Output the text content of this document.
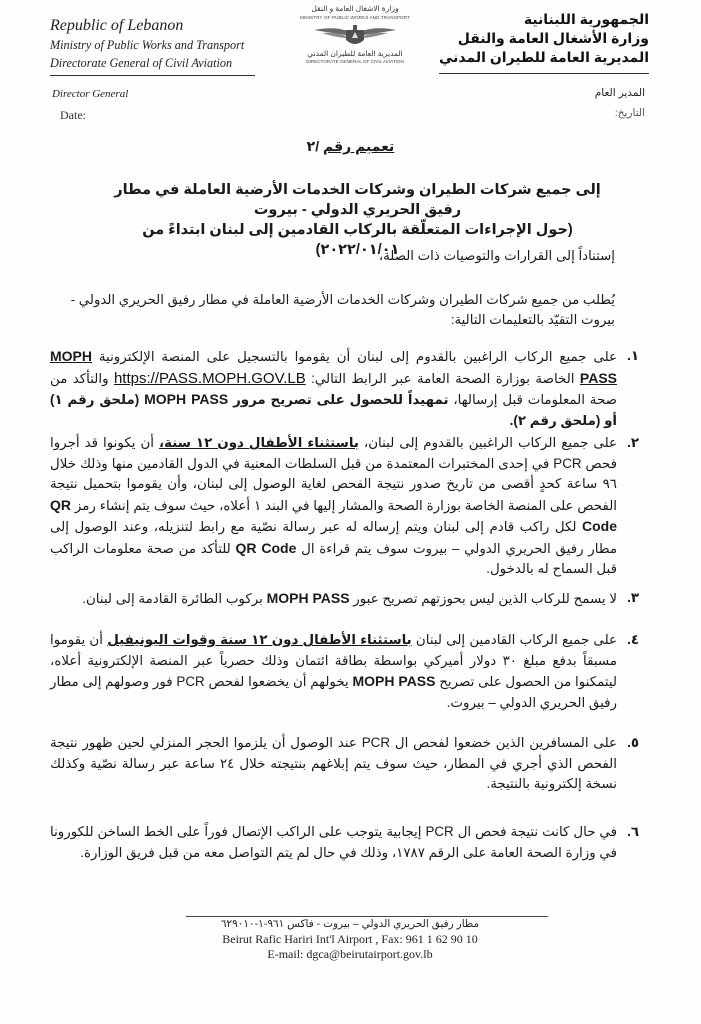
Republic of Lebanon
Ministry of Public Works and Transport
Directorate General of Civil Aviation
Director General
Date:
وزارة الاشغال العامة و النقل
MINISTRY OF PUBLIC WORKS AND TRANSPORT
المديرية العامة للطيران المدني
DIRECTORATE GENERAL OF CIVIL AVIATION
الجمهورية اللبنانية
وزارة الأشغال العامة والنقل
المديرية العامة للطيران المدني
المدير العام
التاريخ:
تعميم رقم /٢
إلى جميع شركات الطيران وشركات الخدمات الأرضية العاملة في مطار رفيق الحريري الدولي - بيروت
(حول الإجراءات المتعلّقة بالركاب القادمين إلى لبنان ابتداءً من ٢٠٢٢/٠١/٠١)
إستناداً إلى القرارات والتوصيات ذات الصلة،
يُطلب من جميع شركات الطيران وشركات الخدمات الأرضية العاملة في مطار رفيق الحريري الدولي - بيروت التقيّد بالتعليمات التالية:
١.
على جميع الركاب الراغبين بالقدوم إلى لبنان أن يقوموا بالتسجيل على المنصة الإلكترونية MOPH PASS الخاصة بوزارة الصحة العامة عبر الرابط التالي: https://PASS.MOPH.GOV.LB والتأكد من صحة المعلومات قبل إرسالها، تمهيداً للحصول على تصريح مرور MOPH PASS (ملحق رقم ١) أو (ملحق رقم ٢).
٢.
على جميع الركاب الراغبين بالقدوم إلى لبنان، باستثناء الأطفال دون ١٢ سنة، أن يكونوا قد أجروا فحص PCR في إحدى المختبرات المعتمدة من قبل السلطات المعنية في الدول القادمين منها وذلك خلال ٩٦ ساعة كحدٍ أقصى من تاريخ صدور نتيجة الفحص لغاية الوصول إلى لبنان، وأن يقوموا بتحميل نتيجة الفحص على المنصة الخاصة بوزارة الصحة والمشار إليها في البند ١ أعلاه، حيث سوف يتم إنشاء رمز QR Code لكل راكب قادم إلى لبنان ويتم إرساله له عبر رسالة نصّية مع رابط لتنزيله، وعند الوصول إلى مطار رفيق الحريري الدولي – بيروت سوف يتم قراءة ال QR Code للتأكد من صحة معلومات الراكب قبل السماح له بالدخول.
٣.
لا يسمح للركاب الذين ليس بحوزتهم تصريح عبور MOPH PASS بركوب الطائرة القادمة إلى لبنان.
٤.
على جميع الركاب القادمين إلى لبنان باستثناء الأطفال دون ١٢ سنة وقوات اليونيفيل أن يقوموا مسبقاً بدفع مبلغ ٣٠ دولار أميركي بواسطة بطاقة ائتمان وذلك حصرياً عبر المنصة الإلكترونية أعلاه، ليتمكنوا من الحصول على تصريح MOPH PASS يخولهم أن يخضعوا لفحص PCR فور وصولهم إلى مطار رفيق الحريري الدولي – بيروت.
٥.
على المسافرين الذين خضعوا لفحص ال PCR عند الوصول أن يلزموا الحجر المنزلي لحين ظهور نتيجة الفحص الذي أجري في المطار، حيث سوف يتم إبلاغهم بنتيجته خلال ٢٤ ساعة عبر رسالة نصّية وكذلك نسخة إلكترونية بالنتيجة.
٦.
في حال كانت نتيجة فحص ال PCR إيجابية يتوجب على الراكب الإتصال فوراً على الخط الساخن للكورونا في وزارة الصحة العامة على الرقم ١٧٨٧، وذلك في حال لم يتم التواصل معه من قبل فريق الوزارة.
مطار رفيق الحريري الدولي – بيروت - فاكس ٩٦١-١-٦٢٩٠١٠
Beirut Rafic Hariri Int'l Airport , Fax: 961 1 62 90 10
E-mail: dgca@beirutairport.gov.lb
